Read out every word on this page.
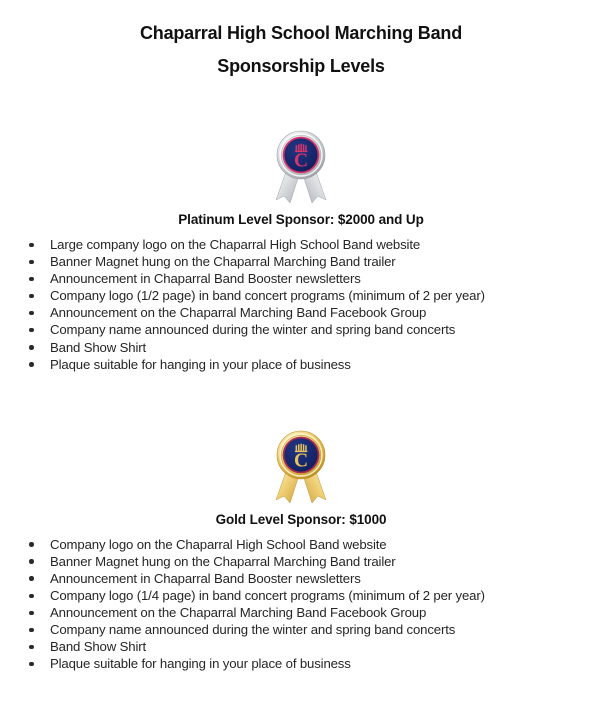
Chaparral High School Marching Band
Sponsorship Levels
C
Platinum Level Sponsor: $2000 and Up
Large company logo on the Chaparral High School Band website
Banner Magnet hung on the Chaparral Marching Band trailer
Announcement in Chaparral Band Booster newsletters
Company logo (1/2 page) in band concert programs (minimum of 2 per year)
Announcement on the Chaparral Marching Band Facebook Group
Company name announced during the winter and spring band concerts
Band Show Shirt
Plaque suitable for hanging in your place of business
C
Gold Level Sponsor: $1000
Company logo on the Chaparral High School Band website
Banner Magnet hung on the Chaparral Marching Band trailer
Announcement in Chaparral Band Booster newsletters
Company logo (1/4 page) in band concert programs (minimum of 2 per year)
Announcement on the Chaparral Marching Band Facebook Group
Company name announced during the winter and spring band concerts
Band Show Shirt
Plaque suitable for hanging in your place of business
